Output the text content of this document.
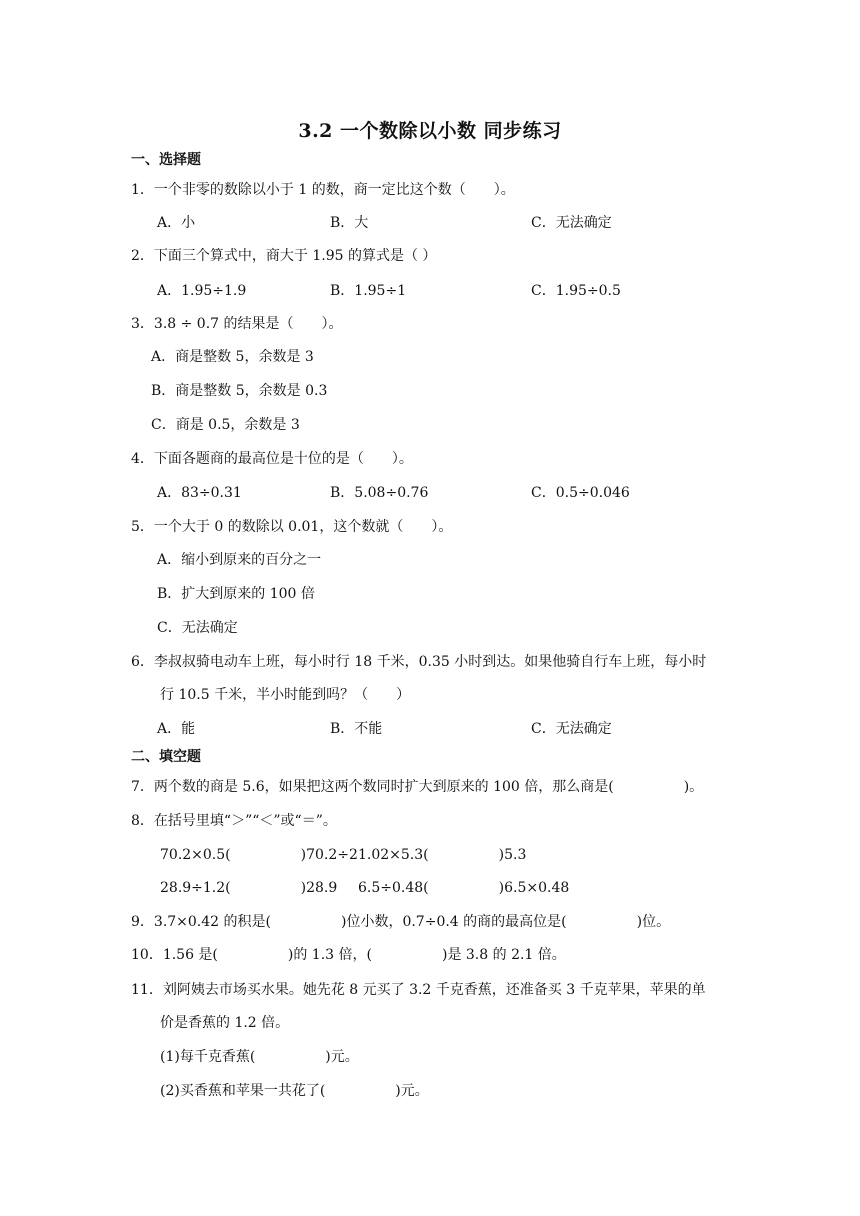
3.2 一个数除以小数 同步练习
一、选择题
1．一个非零的数除以小于 1 的数，商一定比这个数（　　）。
A．小	B．大	C．无法确定
2．下面三个算式中，商大于 1.95 的算式是（ ）
A．1.95÷1.9	B．1.95÷1	C．1.95÷0.5
3．3.8 ÷ 0.7 的结果是（　　）。
A．商是整数 5，余数是 3
B．商是整数 5，余数是 0.3
C．商是 0.5，余数是 3
4．下面各题商的最高位是十位的是（　　）。
A．83÷0.31	B．5.08÷0.76	C．0.5÷0.046
5．一个大于 0 的数除以 0.01，这个数就（　　）。
A．缩小到原来的百分之一
B．扩大到原来的 100 倍
C．无法确定
6．李叔叔骑电动车上班，每小时行 18 千米，0.35 小时到达。如果他骑自行车上班，每小时
行 10.5 千米，半小时能到吗？（　　）
A．能	B．不能	C．无法确定
二、填空题
7．两个数的商是 5.6，如果把这两个数同时扩大到原来的 100 倍，那么商是(　　　　　)。
8．在括号里填“＞”“＜”或“＝”。
70.2×0.5(　　　　　)70.2÷2 1.02×5.3(　　　　　)5.3
28.9÷1.2(　　　　　)28.9 6.5÷0.48(　　　　　)6.5×0.48
9．3.7×0.42 的积是(　　　　　)位小数，0.7÷0.4 的商的最高位是(　　　　　)位。
10．1.56 是(　　　　　)的 1.3 倍，(　　　　　)是 3.8 的 2.1 倍。
11．刘阿姨去市场买水果。她先花 8 元买了 3.2 千克香蕉，还准备买 3 千克苹果，苹果的单
价是香蕉的 1.2 倍。
(1)每千克香蕉(　　　　　)元。
(2)买香蕉和苹果一共花了(　　　　　)元。
